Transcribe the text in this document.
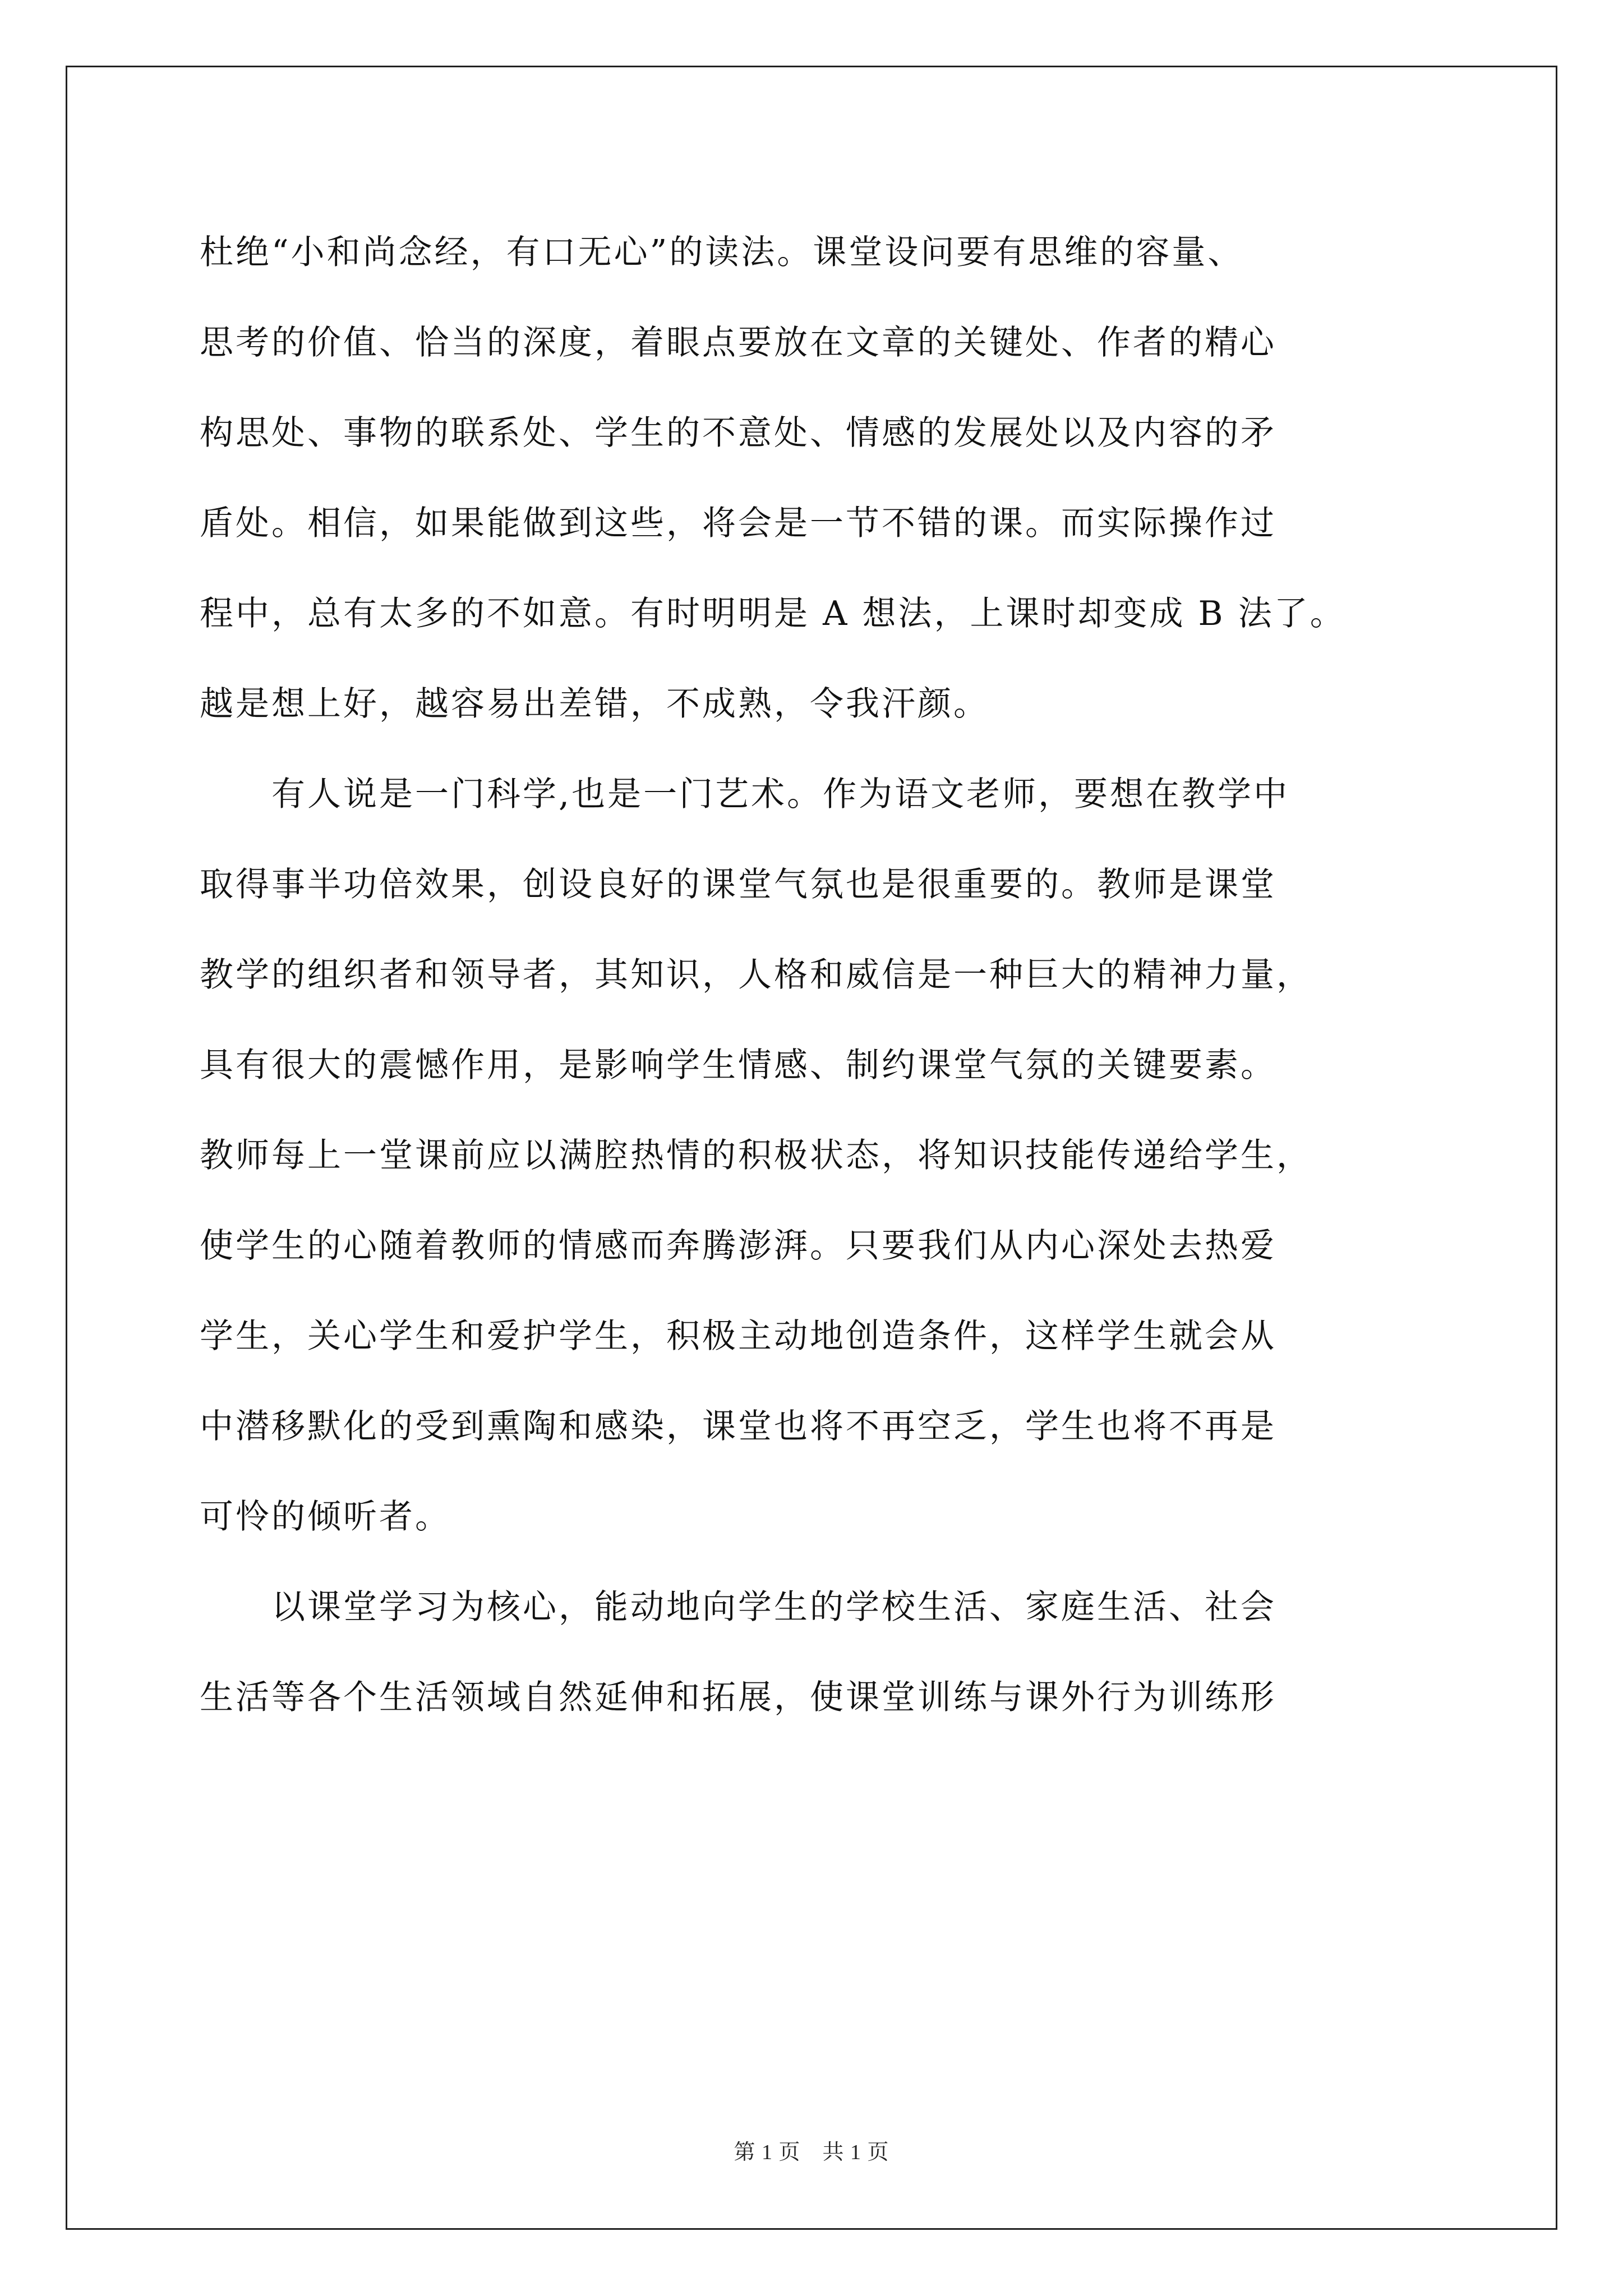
杜绝“小和尚念经，有口无心”的读法。课堂设问要有思维的容量、
思考的价值、恰当的深度，着眼点要放在文章的关键处、作者的精心
构思处、事物的联系处、学生的不意处、情感的发展处以及内容的矛
盾处。相信，如果能做到这些，将会是一节不错的课。而实际操作过
程中，总有太多的不如意。有时明明是 A 想法，上课时却变成 B 法了。
越是想上好，越容易出差错，不成熟，令我汗颜。
有人说是一门科学,也是一门艺术。作为语文老师，要想在教学中
取得事半功倍效果，创设良好的课堂气氛也是很重要的。教师是课堂
教学的组织者和领导者，其知识，人格和威信是一种巨大的精神力量，
具有很大的震憾作用，是影响学生情感、制约课堂气氛的关键要素。
教师每上一堂课前应以满腔热情的积极状态，将知识技能传递给学生，
使学生的心随着教师的情感而奔腾澎湃。只要我们从内心深处去热爱
学生，关心学生和爱护学生，积极主动地创造条件，这样学生就会从
中潜移默化的受到熏陶和感染，课堂也将不再空乏，学生也将不再是
可怜的倾听者。
以课堂学习为核心，能动地向学生的学校生活、家庭生活、社会
生活等各个生活领域自然延伸和拓展，使课堂训练与课外行为训练形
第 1 页　共 1 页
